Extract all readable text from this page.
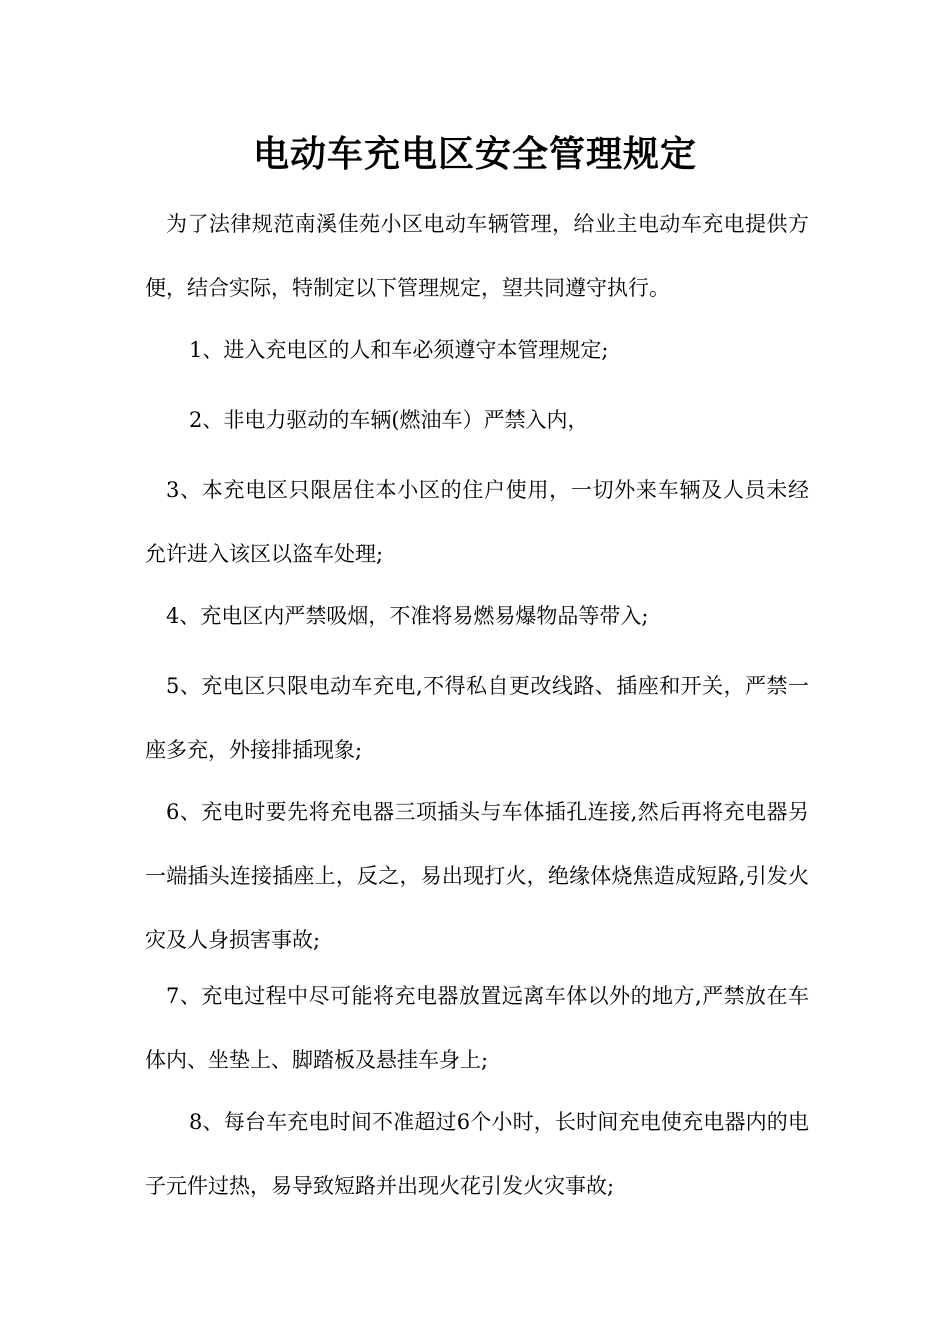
电动车充电区安全管理规定

为了法律规范南溪佳苑小区电动车辆管理，给业主电动车充电提供方便，结合实际，特制定以下管理规定，望共同遵守执行。

1、进入充电区的人和车必须遵守本管理规定;

2、非电力驱动的车辆(燃油车）严禁入内，

3、本充电区只限居住本小区的住户使用，一切外来车辆及人员未经允许进入该区以盗车处理;

4、充电区内严禁吸烟，不准将易燃易爆物品等带入;

5、充电区只限电动车充电,不得私自更改线路、插座和开关，严禁一座多充，外接排插现象;

6、充电时要先将充电器三项插头与车体插孔连接,然后再将充电器另一端插头连接插座上，反之，易出现打火，绝缘体烧焦造成短路,引发火灾及人身损害事故;

7、充电过程中尽可能将充电器放置远离车体以外的地方,严禁放在车体内、坐垫上、脚踏板及悬挂车身上;

8、每台车充电时间不准超过6个小时，长时间充电使充电器内的电子元件过热，易导致短路并出现火花引发火灾事故;
